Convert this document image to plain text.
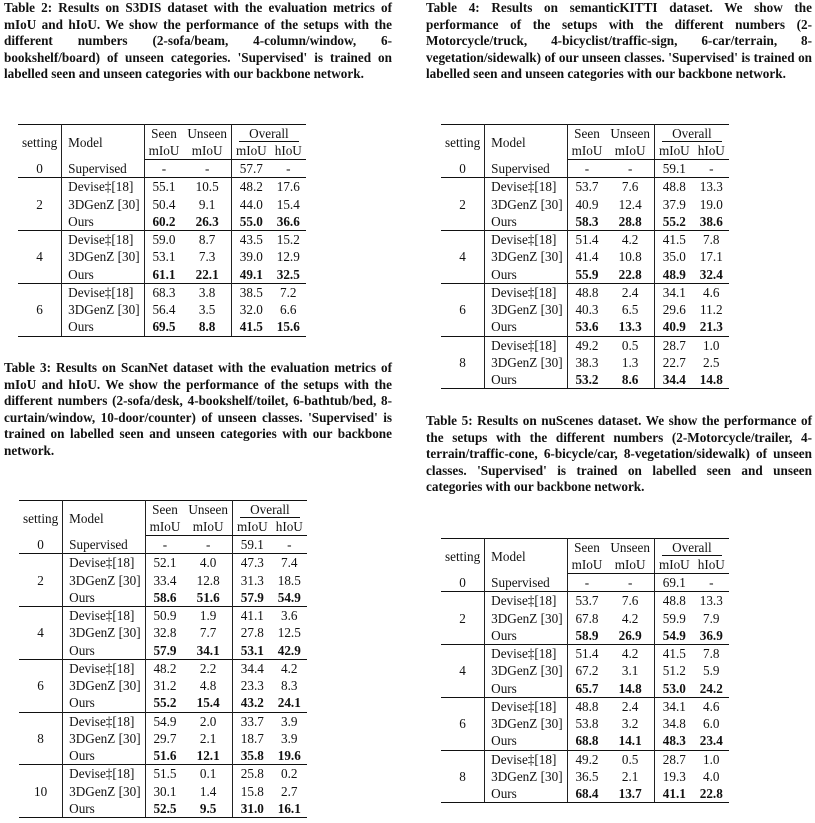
Table 2: Results on S3DIS dataset with the evaluation metrics of mIoU and hIoU. We show the performance of the setups with the different numbers (2-sofa/beam, 4-column/window, 6-bookshelf/board) of unseen categories. 'Supervised' is trained on labelled seen and unseen categories with our backbone network.
Table 3: Results on ScanNet dataset with the evaluation metrics of mIoU and hIoU. We show the performance of the setups with the different numbers (2-sofa/desk, 4-bookshelf/toilet, 6-bathtub/bed, 8-curtain/window, 10-door/counter) of unseen classes. 'Supervised' is trained on labelled seen and unseen categories with our backbone network.
Table 4: Results on semanticKITTI dataset. We show the performance of the setups with the different numbers (2-Motorcycle/truck, 4-bicyclist/traffic-sign, 6-car/terrain, 8-vegetation/sidewalk) of our unseen classes. 'Supervised' is trained on labelled seen and unseen categories with our backbone network.
Table 5: Results on nuScenes dataset. We show the performance of the setups with the different numbers (2-Motorcycle/trailer, 4-terrain/traffic-cone, 6-bicycle/car, 8-vegetation/sidewalk) of unseen classes. 'Supervised' is trained on labelled seen and unseen categories with our backbone network.
setting	Model	Seen	Unseen	Overall	
		mIoU	mIoU	mIoU	hIoU
0	Supervised	-	-	57.7	-
2	Devise‡[18]	55.1	10.5	48.2	17.6
	3DGenZ [30]	50.4	9.1	44.0	15.4
	Ours	60.2	26.3	55.0	36.6
4	Devise‡[18]	59.0	8.7	43.5	15.2
	3DGenZ [30]	53.1	7.3	39.0	12.9
	Ours	61.1	22.1	49.1	32.5
6	Devise‡[18]	68.3	3.8	38.5	7.2
	3DGenZ [30]	56.4	3.5	32.0	6.6
	Ours	69.5	8.8	41.5	15.6
setting	Model	Seen	Unseen	Overall	
		mIoU	mIoU	mIoU	hIoU
0	Supervised	-	-	59.1	-
2	Devise‡[18]	52.1	4.0	47.3	7.4
	3DGenZ [30]	33.4	12.8	31.3	18.5
	Ours	58.6	51.6	57.9	54.9
4	Devise‡[18]	50.9	1.9	41.1	3.6
	3DGenZ [30]	32.8	7.7	27.8	12.5
	Ours	57.9	34.1	53.1	42.9
6	Devise‡[18]	48.2	2.2	34.4	4.2
	3DGenZ [30]	31.2	4.8	23.3	8.3
	Ours	55.2	15.4	43.2	24.1
8	Devise‡[18]	54.9	2.0	33.7	3.9
	3DGenZ [30]	29.7	2.1	18.7	3.9
	Ours	51.6	12.1	35.8	19.6
10	Devise‡[18]	51.5	0.1	25.8	0.2
	3DGenZ [30]	30.1	1.4	15.8	2.7
	Ours	52.5	9.5	31.0	16.1
setting	Model	Seen	Unseen	Overall	
		mIoU	mIoU	mIoU	hIoU
0	Supervised	-	-	59.1	-
2	Devise‡[18]	53.7	7.6	48.8	13.3
	3DGenZ [30]	40.9	12.4	37.9	19.0
	Ours	58.3	28.8	55.2	38.6
4	Devise‡[18]	51.4	4.2	41.5	7.8
	3DGenZ [30]	41.4	10.8	35.0	17.1
	Ours	55.9	22.8	48.9	32.4
6	Devise‡[18]	48.8	2.4	34.1	4.6
	3DGenZ [30]	40.3	6.5	29.6	11.2
	Ours	53.6	13.3	40.9	21.3
8	Devise‡[18]	49.2	0.5	28.7	1.0
	3DGenZ [30]	38.3	1.3	22.7	2.5
	Ours	53.2	8.6	34.4	14.8
setting	Model	Seen	Unseen	Overall	
		mIoU	mIoU	mIoU	hIoU
0	Supervised	-	-	69.1	-
2	Devise‡[18]	53.7	7.6	48.8	13.3
	3DGenZ [30]	67.8	4.2	59.9	7.9
	Ours	58.9	26.9	54.9	36.9
4	Devise‡[18]	51.4	4.2	41.5	7.8
	3DGenZ [30]	67.2	3.1	51.2	5.9
	Ours	65.7	14.8	53.0	24.2
6	Devise‡[18]	48.8	2.4	34.1	4.6
	3DGenZ [30]	53.8	3.2	34.8	6.0
	Ours	68.8	14.1	48.3	23.4
8	Devise‡[18]	49.2	0.5	28.7	1.0
	3DGenZ [30]	36.5	2.1	19.3	4.0
	Ours	68.4	13.7	41.1	22.8
